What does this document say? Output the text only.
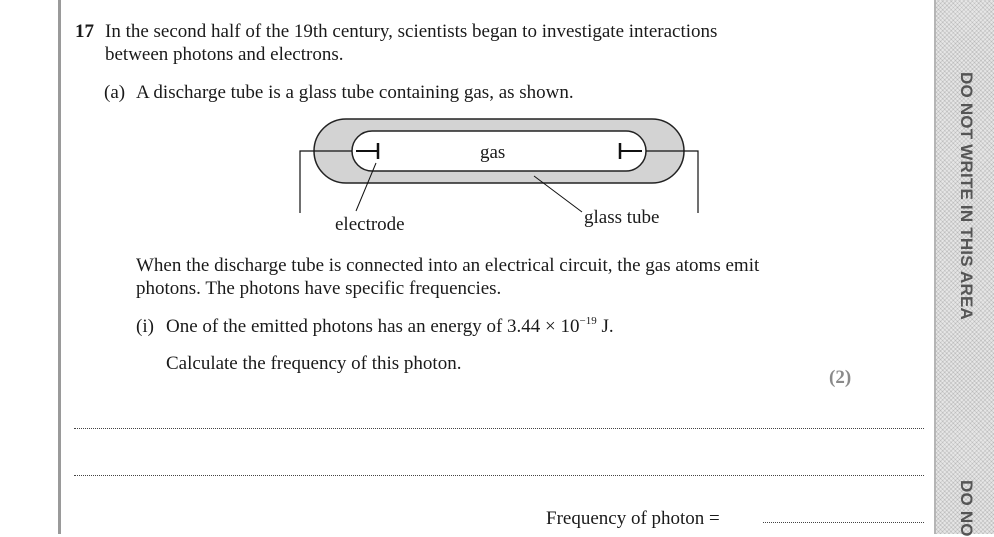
17 In the second half of the 19th century, scientists began to investigate interactions
between photons and electrons.
(a) A discharge tube is a glass tube containing gas, as shown.
gas
electrode	glass tube
When the discharge tube is connected into an electrical circuit, the gas atoms emit
photons. The photons have specific frequencies.
(i) One of the emitted photons has an energy of $3.44 \times 10^{-19}$ J.
Calculate the frequency of this photon.
(2)
Frequency of photon =
DO NOT WRITE IN THIS AREA
DO NO
